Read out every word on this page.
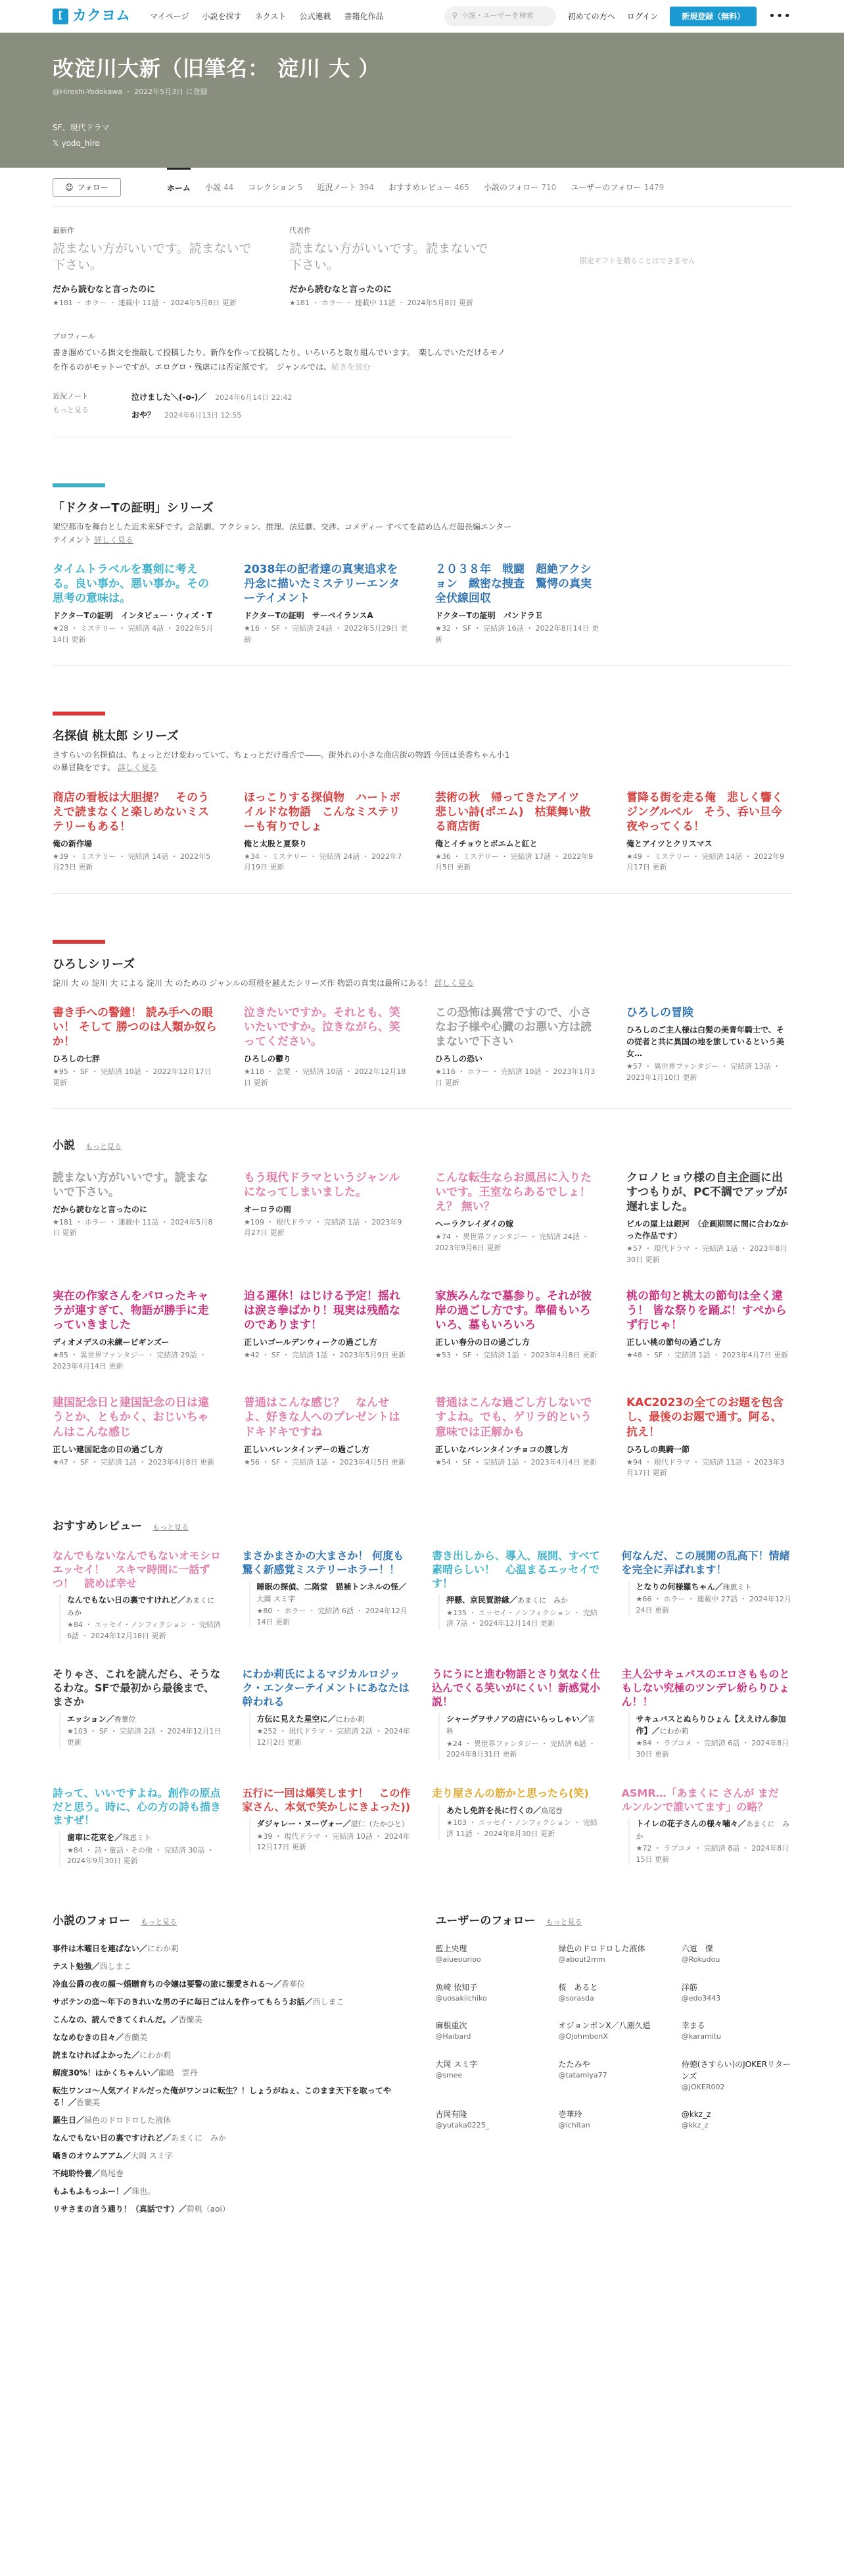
[ カクヨム	マイページ 小説を探す ネクスト 公式連載 書籍化作品	⚲ 小説・ユーザーを検索	初めての方へ ログイン	新規登録（無料）	•••
改淀川大新（旧筆名： 淀川 大 ）
@Hiroshi-Yodokawa ・ 2022年5月3日 に登録
SF、現代ドラマ
𝕏 yodo_hiro
☺ フォロー	ホーム 小説 44 コレクション 5 近況ノート 394 おすすめレビュー 465 小説のフォロー 710 ユーザーのフォロー 1479
最新作
読まない方がいいです。読まないで下さい。
だから読むなと言ったのに
★181 ・ ホラー ・ 連載中 11話 ・ 2024年5月8日 更新
代表作
読まない方がいいです。読まないで下さい。
だから読むなと言ったのに
★181 ・ ホラー ・ 連載中 11話 ・ 2024年5月8日 更新
限定ギフトを贈ることはできません
プロフィール
書き溜めている拙文を推敲して投稿したり、新作を作って投稿したり、いろいろと取り組んでいます。　楽しんでいただけるモノを作るのがモットーですが、エログロ・残虐には否定派です。　ジャンルでは、続きを読む
近況ノート
もっと見る
泣けました＼(-o-)／ 2024年6月14日 22:42
おや？ 2024年6月13日 12:55
「ドクターTの証明」シリーズ
架空都市を舞台とした近未来SFです。会話劇、アクション、推理、法廷劇、交渉、コメディー すべてを詰め込んだ超長編エンターテイメント 詳しく見る
タイムトラベルを裏剣に考える。良い事か、悪い事か。その思考の意味は。
ドクターTの証明　インタビュー・ウィズ・T
★28 ・ ミステリー ・ 完結済 4話 ・ 2022年5月14日 更新
2038年の記者達の真実追求を丹念に描いたミステリーエンターテイメント
ドクターTの証明　サーベイランスA
★16 ・ SF ・ 完結済 24話 ・ 2022年5月29日 更新
２０３８年　戦闘　超絶アクション　緻密な捜査　驚愕の真実　全伏線回収
ドクターTの証明　パンドラＥ
★32 ・ SF ・ 完結済 16話 ・ 2022年8月14日 更新
名探偵 桃太郎 シリーズ
さすらいの名探偵は、ちょっとだけ変わっていて、ちょっとだけ毒舌で――。街外れの小さな商店街の物語 今回は美香ちゃん小1の暴冒険をです。 詳しく見る
商店の看板は大胆提？　そのうえで読まなくと楽しめないミステリーもある！
俺の新作場
★39 ・ ミステリー ・ 完結済 14話 ・ 2022年5月23日 更新
ほっこりする探偵物　ハートボイルドな物語　こんなミステリーも有りでしょ
俺と太股と夏祭り
★34 ・ ミステリー ・ 完結済 24話 ・ 2022年7月19日 更新
芸術の秋　帰ってきたアイツ　悲しい詩(ポエム)　枯葉舞い散る商店街
俺とイチョウとボエムと紅と
★36 ・ ミステリー ・ 完結済 17話 ・ 2022年9月5日 更新
嘗降る街を走る俺　悲しく響くジングルベル　そう、呑い旦今夜やってくる！
俺とアイツとクリスマス
★49 ・ ミステリー ・ 完結済 14話 ・ 2022年9月17日 更新
ひろしシリーズ
淀川 大 の 淀川 大 による 淀川 大 のための ジャンルの垣根を越えたシリーズ作 物語の真実は最所にある！ 詳しく見る
書き手への警鐘！ 読み手への眼い！ そして 勝つのは人類か奴らか！
ひろしの七胖
★95 ・ SF ・ 完結済 10話 ・ 2022年12月17日 更新
泣きたいですか。それとも、笑いたいですか。泣きながら、笑ってください。
ひろしの鬱り
★118 ・ 恋愛 ・ 完結済 10話 ・ 2022年12月18日 更新
この恐怖は異常ですので、小さなお子様や心臓のお悪い方は読まないで下さい
ひろしの恐い
★116 ・ ホラー ・ 完結済 10話 ・ 2023年1月3日 更新
ひろしの冒険
ひろしのご主人様は白髪の美青年騎士で、その従者と共に異国の地を旅しているという美女…
★57 ・ 異世界ファンタジー ・ 完結済 13話 ・ 2023年1月10日 更新
小説 もっと見る
読まない方がいいです。読まないで下さい。
だから読むなと言ったのに
★181 ・ ホラー ・ 連載中 11話 ・ 2024年5月8日 更新
もう現代ドラマというジャンルになってしまいました。
オーロラの雨
★109 ・ 現代ドラマ ・ 完結済 1話 ・ 2023年9月27日 更新
こんな転生ならお風呂に入りたいです。王室ならあるでしょ！え？ 無い？
ヘーラクレイダイの嫁
★74 ・ 異世界ファンタジー ・ 完結済 24話 ・ 2023年9月6日 更新
クロノヒョウ様の自主企画に出すつもりが、PC不調でアップが遅れました。
ビルの屋上は銀河　（企画期間に間に合わなかった作品です）
★57 ・ 現代ドラマ ・ 完結済 1話 ・ 2023年8月30日 更新
実在の作家さんをパロったキャラが連すぎて、物語が勝手に走っていきました
ディオメデスの未練ービギンズー
★85 ・ 異世界ファンタジー ・ 完結済 29話 ・ 2023年4月14日 更新
迫る運休！はじける予定！揺れは涙さ拳ばかり！現実は残酷なのであります！
正しいゴールデンウィークの過ごし方
★42 ・ SF ・ 完結済 1話 ・ 2023年5月9日 更新
家族みんなで墓参り。それが彼岸の過ごし方です。準備もいろいろ、墓もいろいろ
正しい春分の日の過ごし方
★53 ・ SF ・ 完結済 1話 ・ 2023年4月8日 更新
桃の節句と桃太の節句は全く違う！ 皆な祭りを踊ぶ！すぺからず行じゃ！
正しい桃の節句の過ごし方
★48 ・ SF ・ 完結済 1話 ・ 2023年4月7日 更新
建国記念日と建国記念の日は違うとか、ともかく、おじいちゃんはこんな感じ
正しい建国記念の日の過ごし方
★47 ・ SF ・ 完結済 1話 ・ 2023年4月8日 更新
普通はこんな感じ？　なんせよ、好きな人へのプレゼントはドキドキですね
正しいバレンタインデーの過ごし方
★56 ・ SF ・ 完結済 1話 ・ 2023年4月5日 更新
普通はこんな過ごし方しないですよね。でも、ゲリラ的という意味では正解かも
正しいなバレンタインチョコの渡し方
★54 ・ SF ・ 完結済 1話 ・ 2023年4月4日 更新
KAC2023の全てのお題を包含し、最後のお題で通す。阿る、抗え！
ひろしの奥騎一節
★94 ・ 現代ドラマ ・ 完結済 11話 ・ 2023年3月17日 更新
おすすめレビュー もっと見る
なんでもないなんでもないオモシロエッセイ！　スキマ時間に一話ずつ！　読めば幸せ
なんでもない日の裏ですけれど／あまくに　みか
★84 ・ エッセイ・ノンフィクション ・ 完結済 6話 ・ 2024年12月18日 更新
まさかまさかの大まさか！ 何度も驚く新感覚ミステリーホラー！！
睡眠の探偵、二階堂　猫補トンネルの怪／大岡 スミ字
★80 ・ ホラー ・ 完結済 6話 ・ 2024年12月14日 更新
書き出しから、導入、展開、すべて素晴らしい！　心温まるエッセイです！
押懸、京民賀游縁／あまくに　みか
★135 ・ エッセイ・ノンフィクション ・ 完結済 7話 ・ 2024年12月14日 更新
何なんだ、この展開の乱高下！情緒を完全に弄ばれます！
となりの何様羅ちゃん／珠恵ミト
★66 ・ ホラー ・ 連載中 27話 ・ 2024年12月24日 更新
そりゃさ、これを読んだら、そうなるわな。SFで最初から最後まで、まさか
エッション／香華位
★103 ・ SF ・ 完結済 2話 ・ 2024年12月1日 更新
にわか莉氏によるマジカルロジック・エンターテイメントにあなたは幹われる
方伝に見えた星空に／にわか莉
★252 ・ 現代ドラマ ・ 完結済 2話 ・ 2024年12月2日 更新
うにうにと進む物語とさり気なく仕込んでくる笑いがにくい！新感覚小説！
シャーク゚ヲサノアの店にいらっしゃい／雲科
★24 ・ 異世界ファンタジー ・ 完結済 6話 ・ 2024年8月31日 更新
主人公サキュバスのエロさもものともしない究極のツンデレ紛らりひょん！！
サキュバスとぬらりひょん【ええけん参加作】／にわか莉
★84 ・ ラブコメ ・ 完結済 6話 ・ 2024年8月30日 更新
詩って、いいですよね。創作の原点だと思う。時に、心の方の詩も描きますぜ！
歯車に花束を／珠恵ミト
★84 ・ 詩・童話・その他 ・ 完結済 30話 ・ 2024年9月30日 更新
五行に一回は爆笑します！　この作家さん、本気で笑かしにきよった))
ダジャレー・ヌーヴォー／湛仁（たかひと）
★39 ・ 現代ドラマ ・ 完結済 10話 ・ 2024年12月17日 更新
走り屋さんの筋かと思ったら(笑)
あたし免許を長に行くの／鳥尾巻
★103 ・ エッセイ・ノンフィクション ・ 完結済 11話 ・ 2024年8月30日 更新
ASMR…「あまくに さんが まだ ルンルンで誰いてます」の略？
トイレの花子さんの様々噛々／あまくに　みか
★72 ・ ラブコメ ・ 完結済 8話 ・ 2024年8月15日 更新
小説のフォロー もっと見る
事件は木曜日を連ばない／にわか莉
テスト勉強／西しまこ
冷血公爵の夜の顔〜婚贈育ちの令嬢は要警の旅に溺愛される〜／香華位
サボテンの恋〜年下のきれいな男の子に毎日ごはんを作ってもらうお話／西しまこ
こんなの、読んできてくれんだ。／香蘭美
ななめむきの日々／香蘭美
読まなければよかった／にわか莉
解度30%！はかくちゃんい／龍嶋　雲丹
転生ワンコ〜人気アイドルだった俺がワンコに転生？！しょうがねぇ、このまま天下を取ってやる！／香蘭美
羅生日／緑色のドロドロした液体
なんでもない日の裏ですけれど／あまくに　みか
囁きのオウムアアム／大岡 スミ字
不純聆怜養／鳥尾巻
もふもふもっふー！／珠也。
リサさまの言う通り！（真話です）／碧桃（aoi）
ユーザーのフォロー もっと見る
藍上央理
@aiueourioo
緑色のドロドロした液体
@about2mm
六道　傑
@Rokudou
魚崎 依知子
@uosakiichiko
桜　あると
@sorasda
洋筋
@edo3443
麻根重次
@Haibard
オジョンボンX／八潮久道
@OjohmbonX
幸まる
@karamitu
大岡 スミ字
@smee
たたみや
@tatamiya77
侍徳(さすらい)のJOKERリターンズ
@JOKER002
吉岡有隆
@yutaka0225_
壱華玲
@ichitan
@kkz_z
@kkz_z
